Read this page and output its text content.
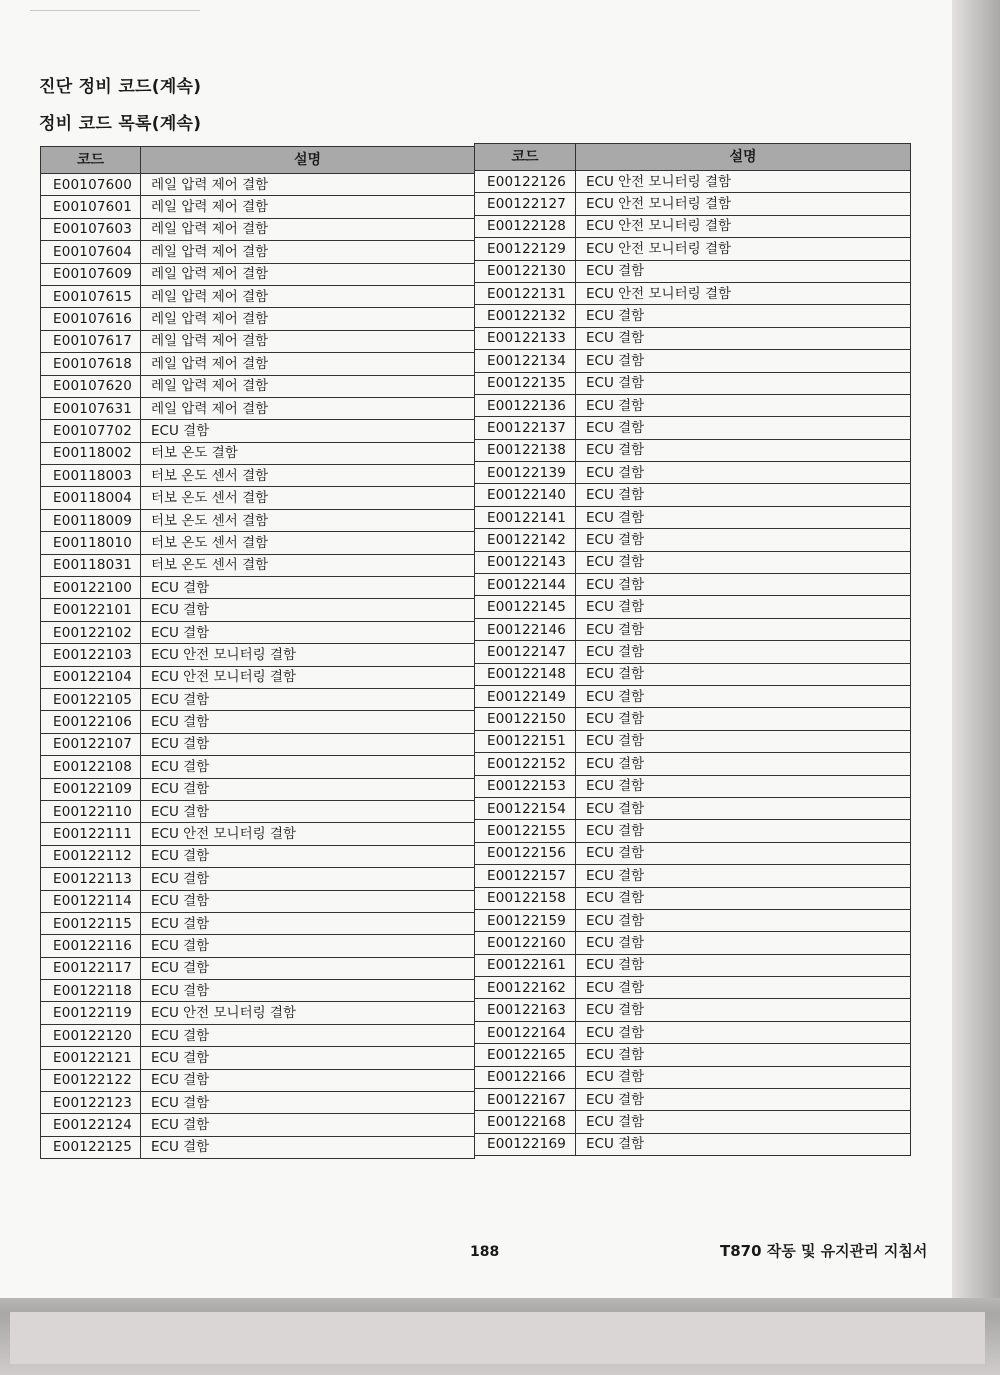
진단 정비 코드(계속)
정비 코드 목록(계속)
코드	설명
E00107600	레일 압력 제어 결함
E00107601	레일 압력 제어 결함
E00107603	레일 압력 제어 결함
E00107604	레일 압력 제어 결함
E00107609	레일 압력 제어 결함
E00107615	레일 압력 제어 결함
E00107616	레일 압력 제어 결함
E00107617	레일 압력 제어 결함
E00107618	레일 압력 제어 결함
E00107620	레일 압력 제어 결함
E00107631	레일 압력 제어 결함
E00107702	ECU 결함
E00118002	터보 온도 결함
E00118003	터보 온도 센서 결함
E00118004	터보 온도 센서 결함
E00118009	터보 온도 센서 결함
E00118010	터보 온도 센서 결함
E00118031	터보 온도 센서 결함
E00122100	ECU 결함
E00122101	ECU 결함
E00122102	ECU 결함
E00122103	ECU 안전 모니터링 결함
E00122104	ECU 안전 모니터링 결함
E00122105	ECU 결함
E00122106	ECU 결함
E00122107	ECU 결함
E00122108	ECU 결함
E00122109	ECU 결함
E00122110	ECU 결함
E00122111	ECU 안전 모니터링 결함
E00122112	ECU 결함
E00122113	ECU 결함
E00122114	ECU 결함
E00122115	ECU 결함
E00122116	ECU 결함
E00122117	ECU 결함
E00122118	ECU 결함
E00122119	ECU 안전 모니터링 결함
E00122120	ECU 결함
E00122121	ECU 결함
E00122122	ECU 결함
E00122123	ECU 결함
E00122124	ECU 결함
E00122125	ECU 결함
코드	설명
E00122126	ECU 안전 모니터링 결함
E00122127	ECU 안전 모니터링 결함
E00122128	ECU 안전 모니터링 결함
E00122129	ECU 안전 모니터링 결함
E00122130	ECU 결함
E00122131	ECU 안전 모니터링 결함
E00122132	ECU 결함
E00122133	ECU 결함
E00122134	ECU 결함
E00122135	ECU 결함
E00122136	ECU 결함
E00122137	ECU 결함
E00122138	ECU 결함
E00122139	ECU 결함
E00122140	ECU 결함
E00122141	ECU 결함
E00122142	ECU 결함
E00122143	ECU 결함
E00122144	ECU 결함
E00122145	ECU 결함
E00122146	ECU 결함
E00122147	ECU 결함
E00122148	ECU 결함
E00122149	ECU 결함
E00122150	ECU 결함
E00122151	ECU 결함
E00122152	ECU 결함
E00122153	ECU 결함
E00122154	ECU 결함
E00122155	ECU 결함
E00122156	ECU 결함
E00122157	ECU 결함
E00122158	ECU 결함
E00122159	ECU 결함
E00122160	ECU 결함
E00122161	ECU 결함
E00122162	ECU 결함
E00122163	ECU 결함
E00122164	ECU 결함
E00122165	ECU 결함
E00122166	ECU 결함
E00122167	ECU 결함
E00122168	ECU 결함
E00122169	ECU 결함
188	T870 작동 및 유지관리 지침서
